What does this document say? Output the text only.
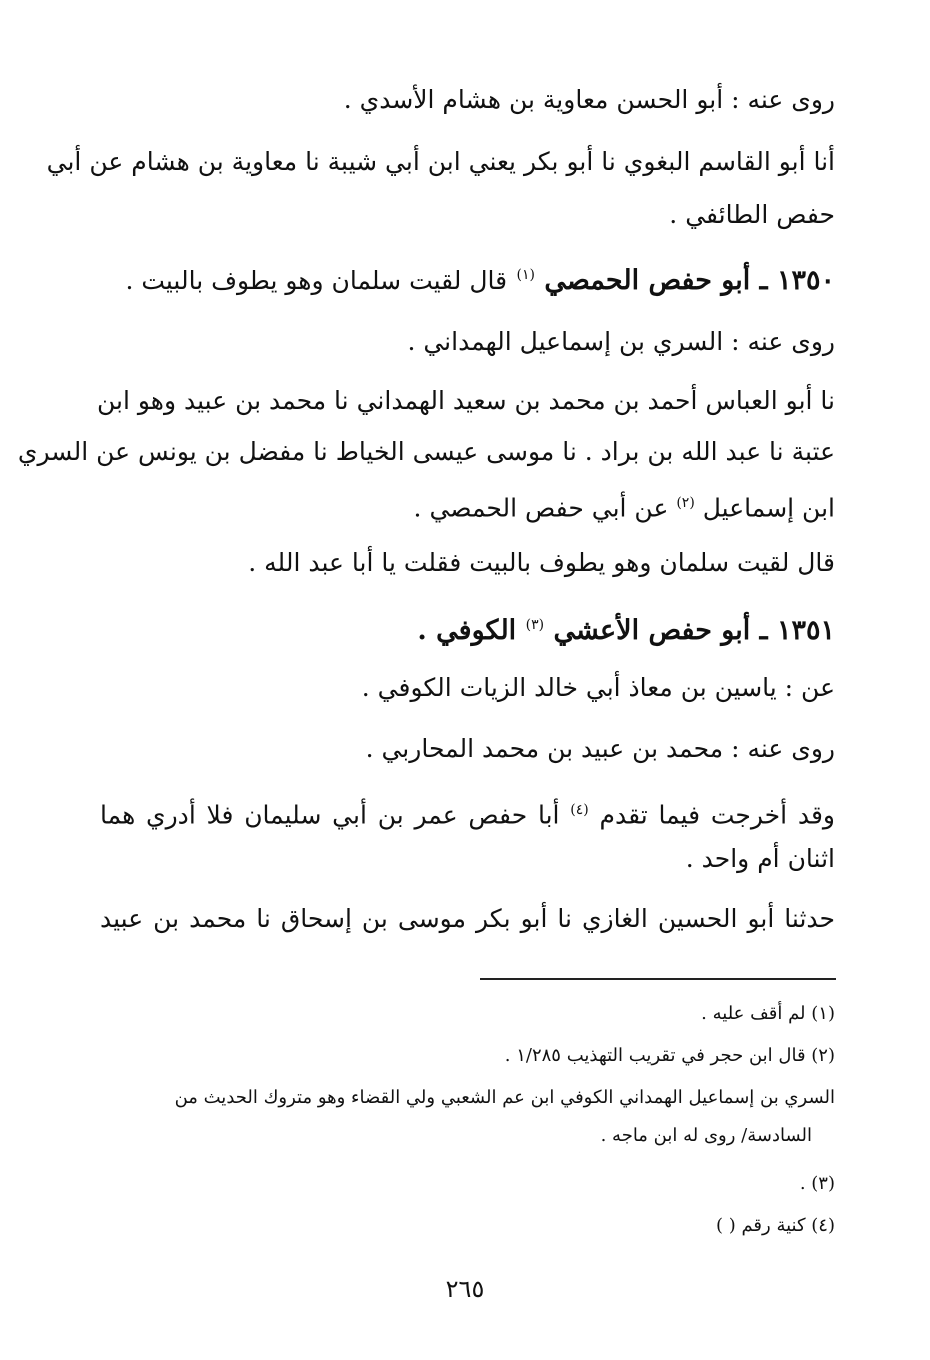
روى عنه : أبو الحسن معاوية بن هشام الأسدي .
أنا أبو القاسم البغوي نا أبو بكر يعني ابن أبي شيبة نا معاوية بن هشام عن أبي
حفص الطائفي .
١٣٥٠ ـ أبو حفص الحمصي $^{(١)}$ قال لقيت سلمان وهو يطوف بالبيت .
روى عنه : السري بن إسماعيل الهمداني .
نا أبو العباس أحمد بن محمد بن سعيد الهمداني نا محمد بن عبيد وهو ابن
عتبة نا عبد الله بن براد . نا موسى عيسى الخياط نا مفضل بن يونس عن السري
ابن إسماعيل $^{(٢)}$ عن أبي حفص الحمصي .
قال لقيت سلمان وهو يطوف بالبيت فقلت يا أبا عبد الله .
١٣٥١ ـ أبو حفص الأعشي $^{(٣)}$ الكوفي .
عن : ياسين بن معاذ أبي خالد الزيات الكوفي .
روى عنه : محمد بن عبيد بن محمد المحاربي .
وقد أخرجت فيما تقدم $^{(٤)}$ أبا حفص عمر بن أبي سليمان فلا أدري هما
اثنان أم واحد .
حدثنا أبو الحسين الغازي نا أبو بكر موسى بن إسحاق نا محمد بن عبيد
(١) لم أقف عليه .
(٢) قال ابن حجر في تقريب التهذيب ١/٢٨٥ .
السري بن إسماعيل الهمداني الكوفي ابن عم الشعبي ولي القضاء وهو متروك الحديث من
السادسة/ روى له ابن ماجه .
(٣) .
(٤) كنية رقم ( )
٢٦٥
